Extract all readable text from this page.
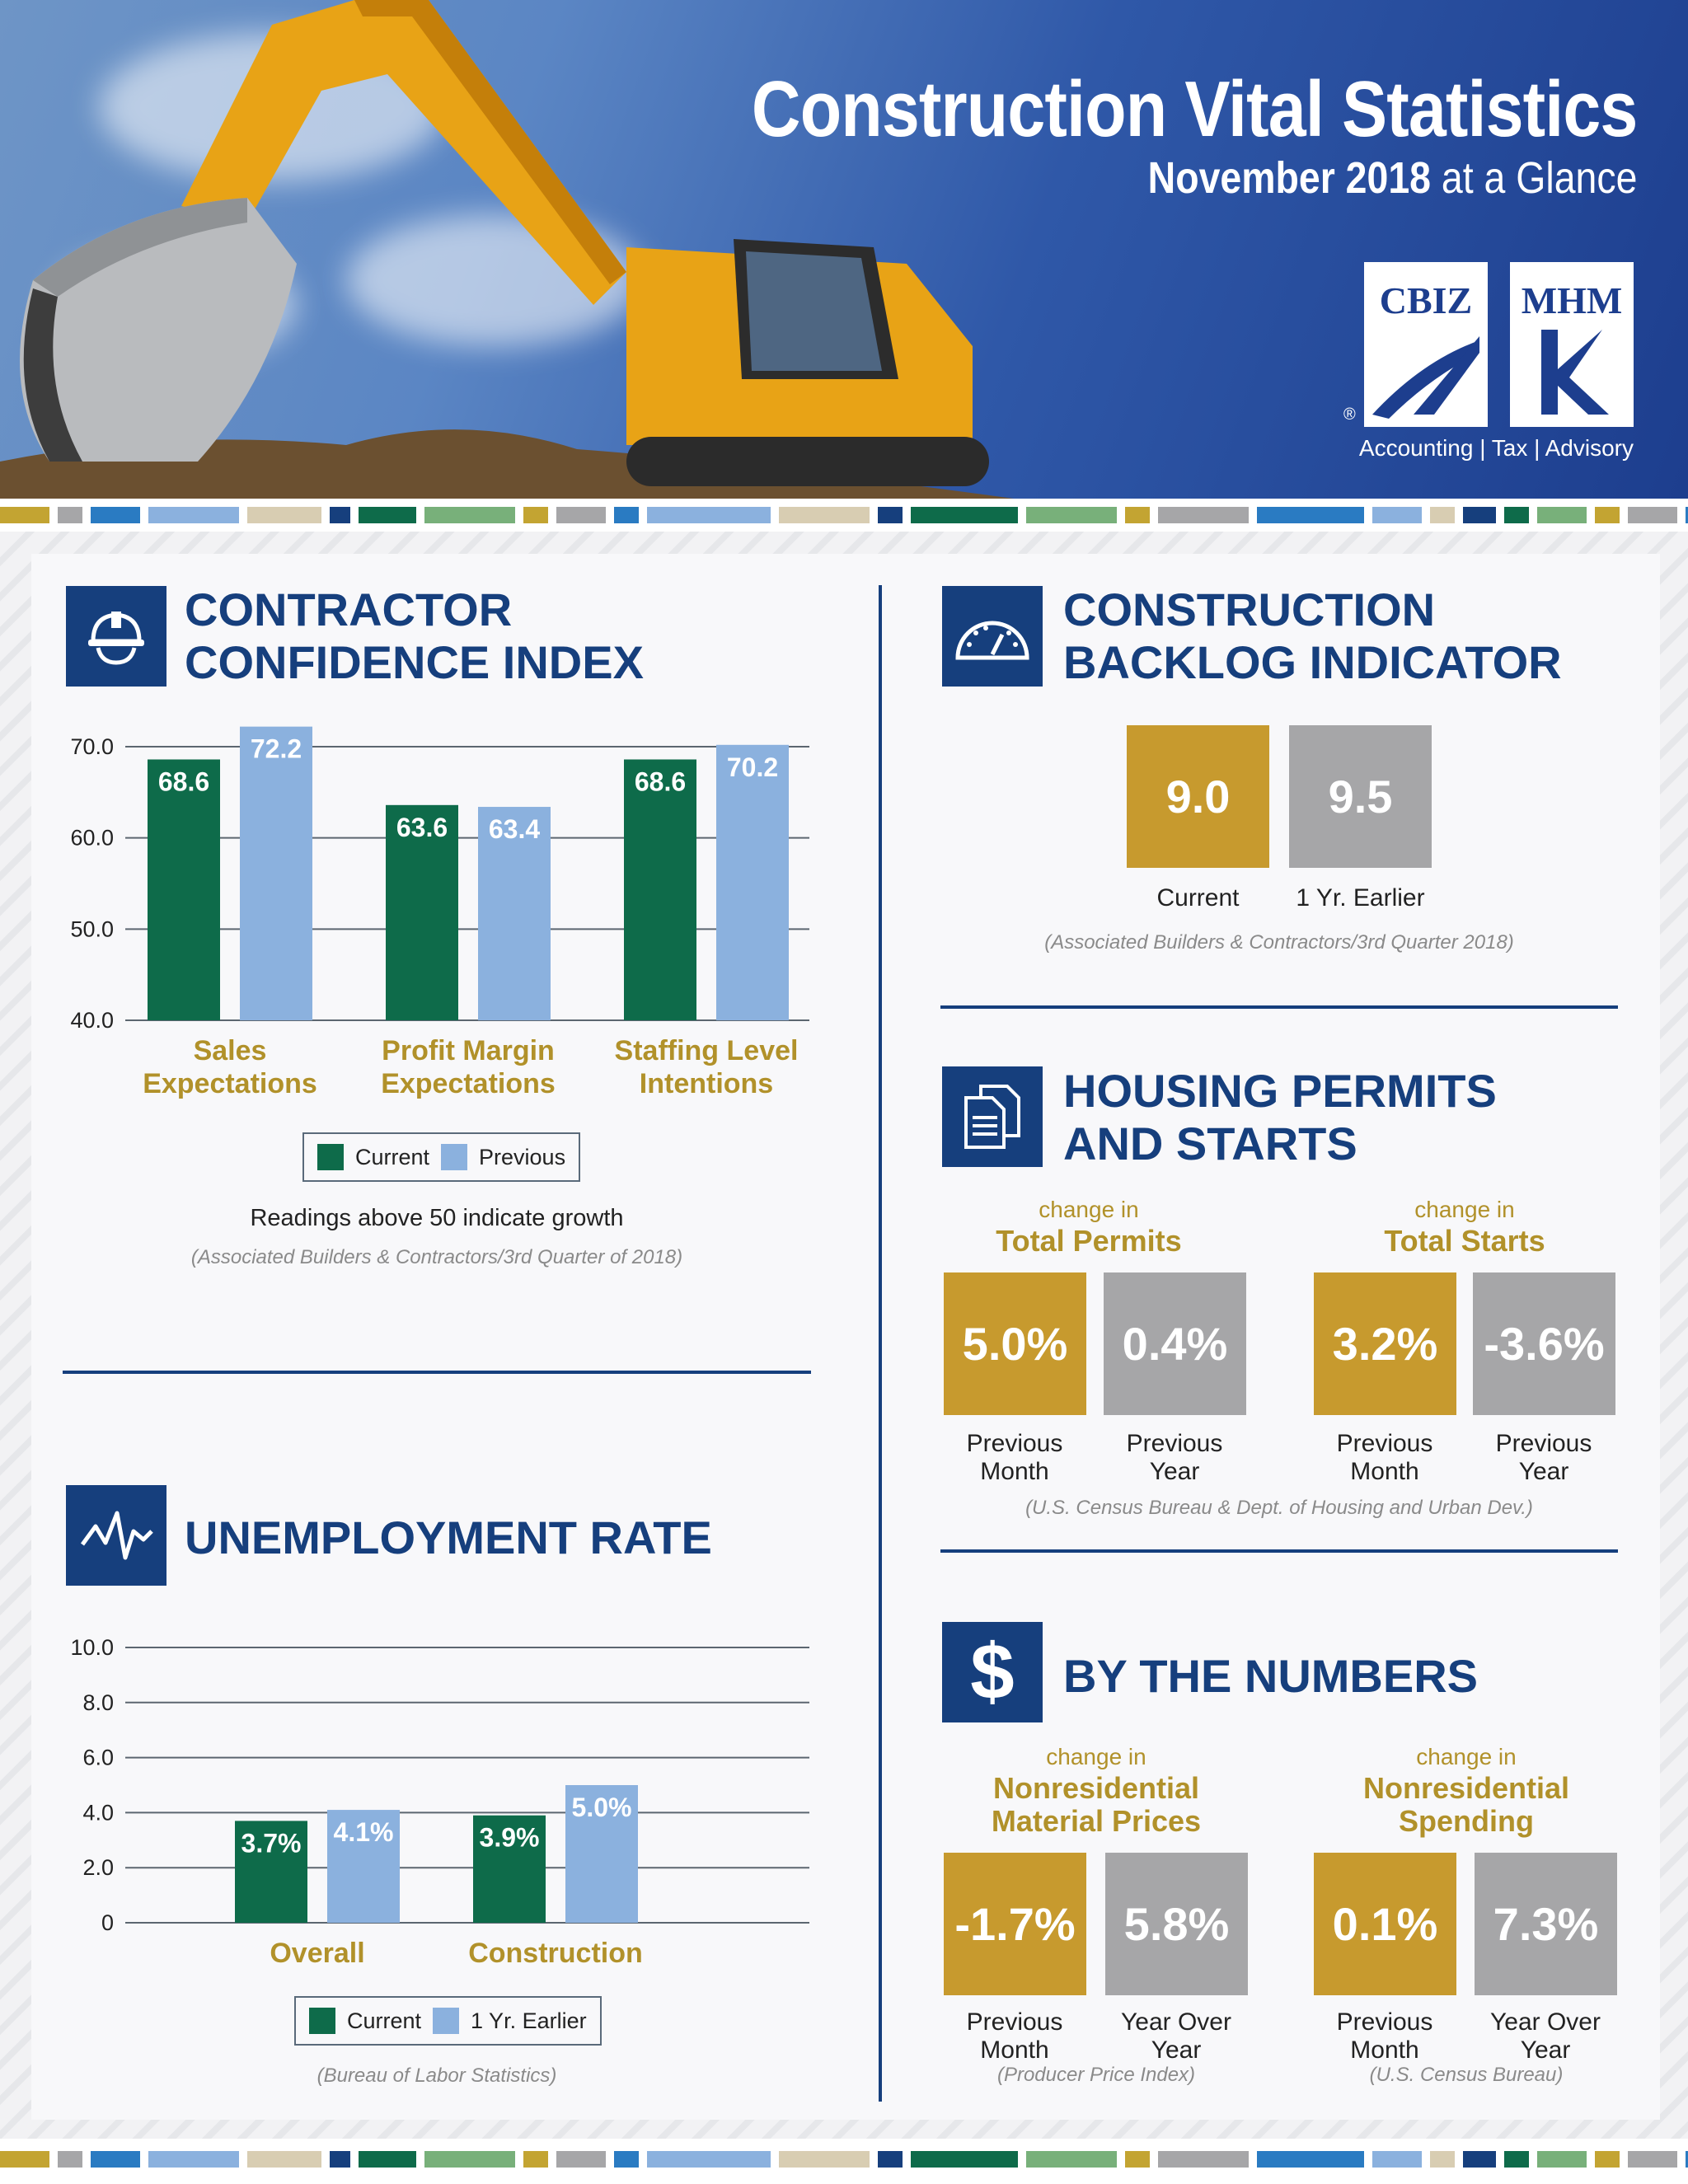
Construction Vital Statistics
November 2018 at a Glance
CBIZ
®
MHM
Accounting | Tax | Advisory
CONTRACTOR
CONFIDENCE INDEX
40.0
50.0
60.0
70.0
68.6
72.2
Sales
Expectations
63.6 63.4
Profit Margin
Expectations
68.6 70.2
Staffing Level
Intentions
Current Previous
Readings above 50 indicate growth
(Associated Builders & Contractors/3rd Quarter of 2018)
UNEMPLOYMENT RATE
0
2.0
4.0
6.0
8.0
10.0
3.7% 4.1%
Overall
3.9%
5.0%
Construction
Current 1 Yr. Earlier
(Bureau of Labor Statistics)
CONSTRUCTION
BACKLOG INDICATOR
9.0	9.5
Current	1 Yr. Earlier
(Associated Builders & Contractors/3rd Quarter 2018)
HOUSING PERMITS
AND STARTS
change in
Total Permits
change in
Total Starts
5.0%	0.4%	3.2%	-3.6%
Previous
Month
Previous
Year
Previous
Month
Previous
Year
(U.S. Census Bureau & Dept. of Housing and Urban Dev.)
$ BY THE NUMBERS
change in
Nonresidential
Material Prices
change in
Nonresidential
Spending
-1.7%	5.8%	0.1%	7.3%
Previous
Month
Year Over
Year
Previous
Month
Year Over
Year
(Producer Price Index)	(U.S. Census Bureau)
